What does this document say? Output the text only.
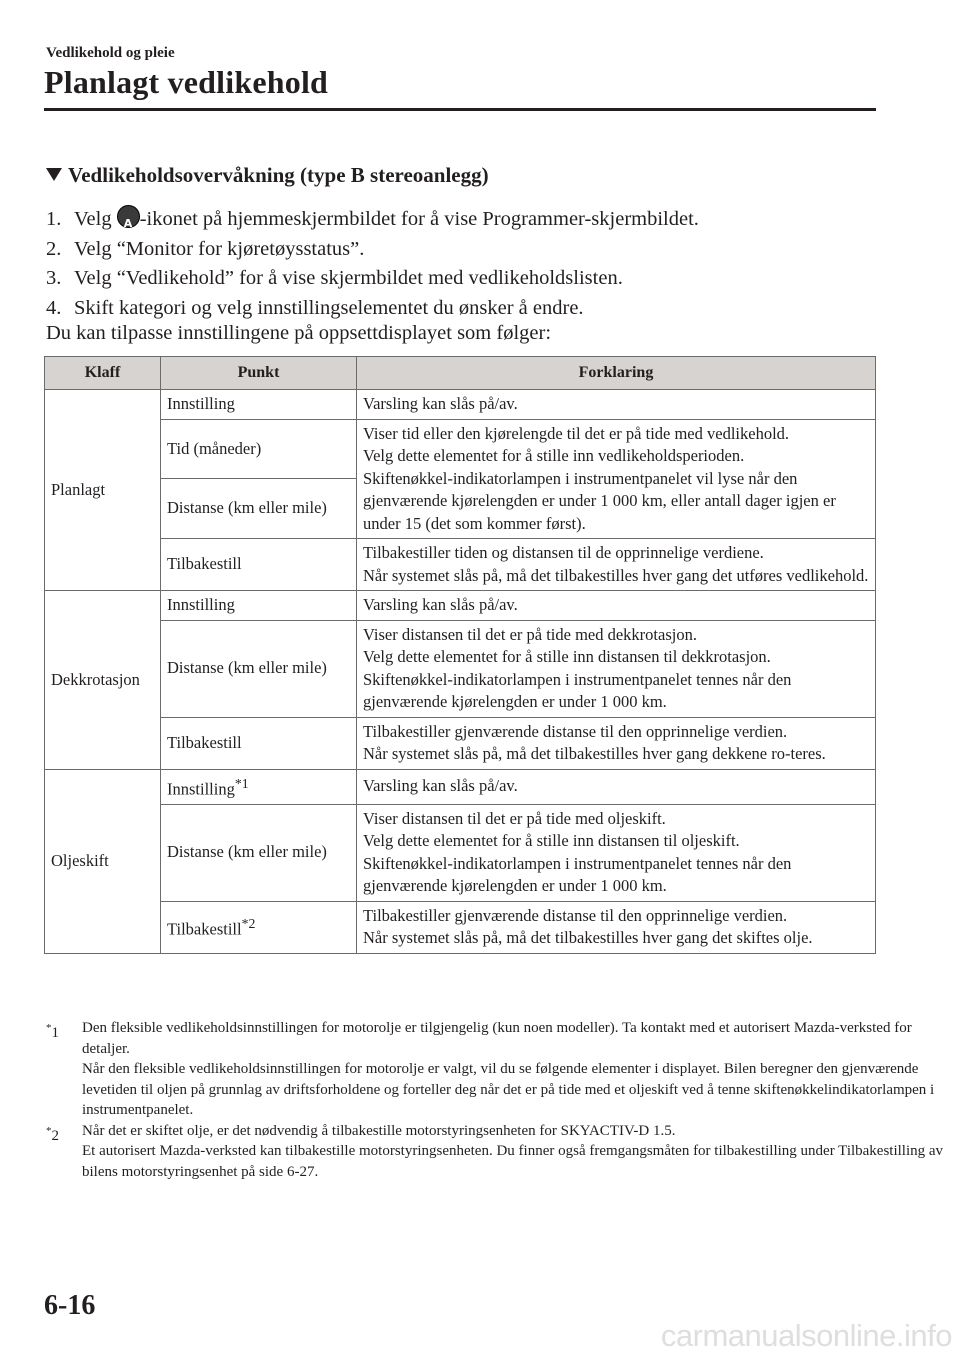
Vedlikehold og pleie
Planlagt vedlikehold
Vedlikeholdsovervåkning (type B stereoanlegg)
1. Velg A -ikonet på hjemmeskjermbildet for å vise Programmer-skjermbildet.
2. Velg “Monitor for kjøretøysstatus”.
3. Velg “Vedlikehold” for å vise skjermbildet med vedlikeholdslisten.
4. Skift kategori og velg innstillingselementet du ønsker å endre.
Du kan tilpasse innstillingene på oppsettdisplayet som følger:
Klaff	Punkt	Forklaring
Planlagt	Innstilling	Varsling kan slås på/av.

	Tid (måneder)	Viser tid eller den kjørelengde til det er på tide med vedlikehold.
Velg dette elementet for å stille inn vedlikeholdsperioden.
Skiftenøkkel-indikatorlampen i instrumentpanelet vil lyse når den gjenværende kjørelengden er under 1 000 km, eller antall dager igjen er under 15 (det som kommer først).

	Distanse (km eller mile)	
	Tilbakestill	Tilbakestiller tiden og distansen til de opprinnelige verdiene.
Når systemet slås på, må det tilbakestilles hver gang det utføres vedlikehold.

Dekkrotasjon	Innstilling	Varsling kan slås på/av.

	Distanse (km eller mile)	Viser distansen til det er på tide med dekkrotasjon.
Velg dette elementet for å stille inn distansen til dekkrotasjon.
Skiftenøkkel-indikatorlampen i instrumentpanelet tennes når den gjenværende kjørelengden er under 1 000 km.

	Tilbakestill	Tilbakestiller gjenværende distanse til den opprinnelige verdien.
Når systemet slås på, må det tilbakestilles hver gang dekkene ro-teres.

Oljeskift	Innstilling$^{*1}$	Varsling kan slås på/av.

	Distanse (km eller mile)	Viser distansen til det er på tide med oljeskift.
Velg dette elementet for å stille inn distansen til oljeskift.
Skiftenøkkel-indikatorlampen i instrumentpanelet tennes når den gjenværende kjørelengden er under 1 000 km.

	Tilbakestill$^{*2}$	Tilbakestiller gjenværende distanse til den opprinnelige verdien.
Når systemet slås på, må det tilbakestilles hver gang det skiftes olje.
*1	Den fleksible vedlikeholdsinnstillingen for motorolje er tilgjengelig (kun noen modeller). Ta kontakt med et autorisert Mazda-verksted for detaljer.

Når den fleksible vedlikeholdsinnstillingen for motorolje er valgt, vil du se følgende elementer i displayet. Bilen beregner den gjenværende levetiden til oljen på grunnlag av driftsforholdene og forteller deg når det er på tide med et oljeskift ved å tenne skiftenøkkelindikatorlampen i instrumentpanelet.

*2	Når det er skiftet olje, er det nødvendig å tilbakestille motorstyringsenheten for SKYACTIV-D 1.5.

Et autorisert Mazda-verksted kan tilbakestille motorstyringsenheten. Du finner også fremgangsmåten for tilbakestilling under Tilbakestilling av bilens motorstyringsenhet på side 6-27.

6-16
carmanualsonline.info
